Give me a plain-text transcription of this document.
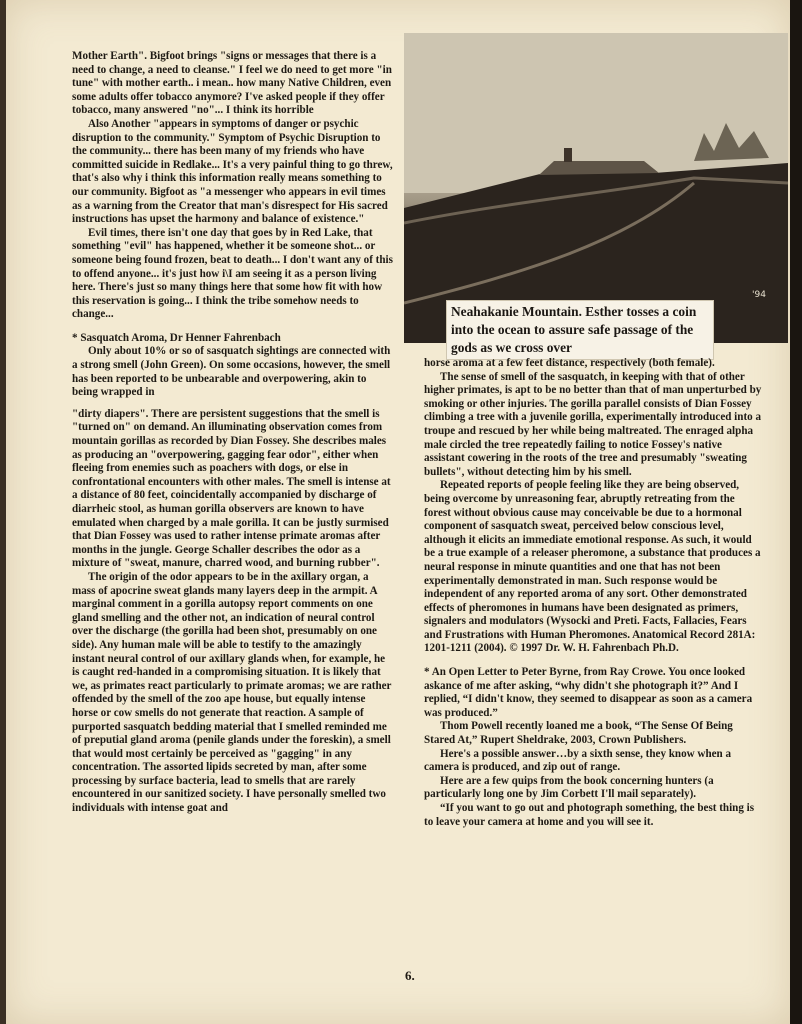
Mother Earth". Bigfoot brings "signs or messages that there is a need to change, a need to cleanse." I feel we do need to get more "in tune" with mother earth.. i mean.. how many Native Children, even some adults offer tobacco anymore? I've asked people if they offer tobacco, many answered "no"... I think its horrible

Also Another "appears in symptoms of danger or psychic disruption to the community." Symptom of Psychic Disruption to the community... there has been many of my friends who have committed suicide in Redlake... It's a very painful thing to go threw, that's also why i think this information really means something to our community. Bigfoot as "a messenger who appears in evil times as a warning from the Creator that man's disrespect for His sacred instructions has upset the harmony and balance of existence."

Evil times, there isn't one day that goes by in Red Lake, that something "evil" has happened, whether it be someone shot... or someone being found frozen, beat to death... I don't want any of this to offend anyone... it's just how i\I am seeing it as a person living here. There's just so many things here that some how fit with how this reservation is going... I think the tribe somehow needs to change...

* Sasquatch Aroma, Dr Henner Fahrenbach

Only about 10% or so of sasquatch sightings are connected with a strong smell (John Green). On some occasions, however, the smell has been reported to be unbearable and overpowering, akin to being wrapped in

"dirty diapers". There are persistent suggestions that the smell is "turned on" on demand. An illuminating observation comes from mountain gorillas as recorded by Dian Fossey. She describes males as producing an "overpowering, gagging fear odor", either when fleeing from enemies such as poachers with dogs, or else in confrontational encounters with other males. The smell is intense at a distance of 80 feet, coincidentally accompanied by discharge of diarrheic stool, as human gorilla observers are known to have emulated when charged by a male gorilla. It can be justly surmised that Dian Fossey was used to rather intense primate aromas after months in the jungle. George Schaller describes the odor as a mixture of "sweat, manure, charred wood, and burning rubber".

The origin of the odor appears to be in the axillary organ, a mass of apocrine sweat glands many layers deep in the armpit. A marginal comment in a gorilla autopsy report comments on one gland smelling and the other not, an indication of neural control over the discharge (the gorilla had been shot, presumably on one side). Any human male will be able to testify to the amazingly instant neural control of our axillary glands when, for example, he is caught red-handed in a compromising situation. It is likely that we, as primates react particularly to primate aromas; we are rather offended by the smell of the zoo ape house, but equally intense horse or cow smells do not generate that reaction. A sample of purported sasquatch bedding material that I smelled reminded me of preputial gland aroma (penile glands under the foreskin), a smell that would most certainly be perceived as "gagging" in any concentration. The assorted lipids secreted by man, after some processing by surface bacteria, lead to smells that are rarely encountered in our sanitized society. I have personally smelled two individuals with intense goat and

Neahakanie Mountain. Esther tosses a coin into the ocean to assure safe passage of the gods as we cross over
'94

horse aroma at a few feet distance, respectively (both female).

The sense of smell of the sasquatch, in keeping with that of other higher primates, is apt to be no better than that of man unperturbed by smoking or other injuries. The gorilla parallel consists of Dian Fossey climbing a tree with a juvenile gorilla, experimentally introduced into a troupe and rescued by her while being maltreated. The enraged alpha male circled the tree repeatedly failing to notice Fossey's native assistant cowering in the roots of the tree and presumably "sweating bullets", without detecting him by his smell.

Repeated reports of people feeling like they are being observed, being overcome by unreasoning fear, abruptly retreating from the forest without obvious cause may conceivable be due to a hormonal component of sasquatch sweat, perceived below conscious level, although it elicits an immediate emotional response. As such, it would be a true example of a releaser pheromone, a substance that produces a neural response in minute quantities and one that has not been experimentally demonstrated in man. Such response would be independent of any reported aroma of any sort. Other demonstrated effects of pheromones in humans have been designated as primers, signalers and modulators (Wysocki and Preti. Facts, Fallacies, Fears and Frustrations with Human Pheromones. Anatomical Record 281A: 1201-1211 (2004). © 1997 Dr. W. H. Fahrenbach Ph.D.

* An Open Letter to Peter Byrne, from Ray Crowe. You once looked askance of me after asking, “why didn't she photograph it?” And I replied, “I didn't know, they seemed to disappear as soon as a camera was produced.”

Thom Powell recently loaned me a book, “The Sense Of Being Stared At,” Rupert Sheldrake, 2003, Crown Publishers.

Here's a possible answer…by a sixth sense, they know when a camera is produced, and zip out of range.

Here are a few quips from the book concerning hunters (a particularly long one by Jim Corbett I'll mail separately).

“If you want to go out and photograph something, the best thing is to leave your camera at home and you will see it.

6.
